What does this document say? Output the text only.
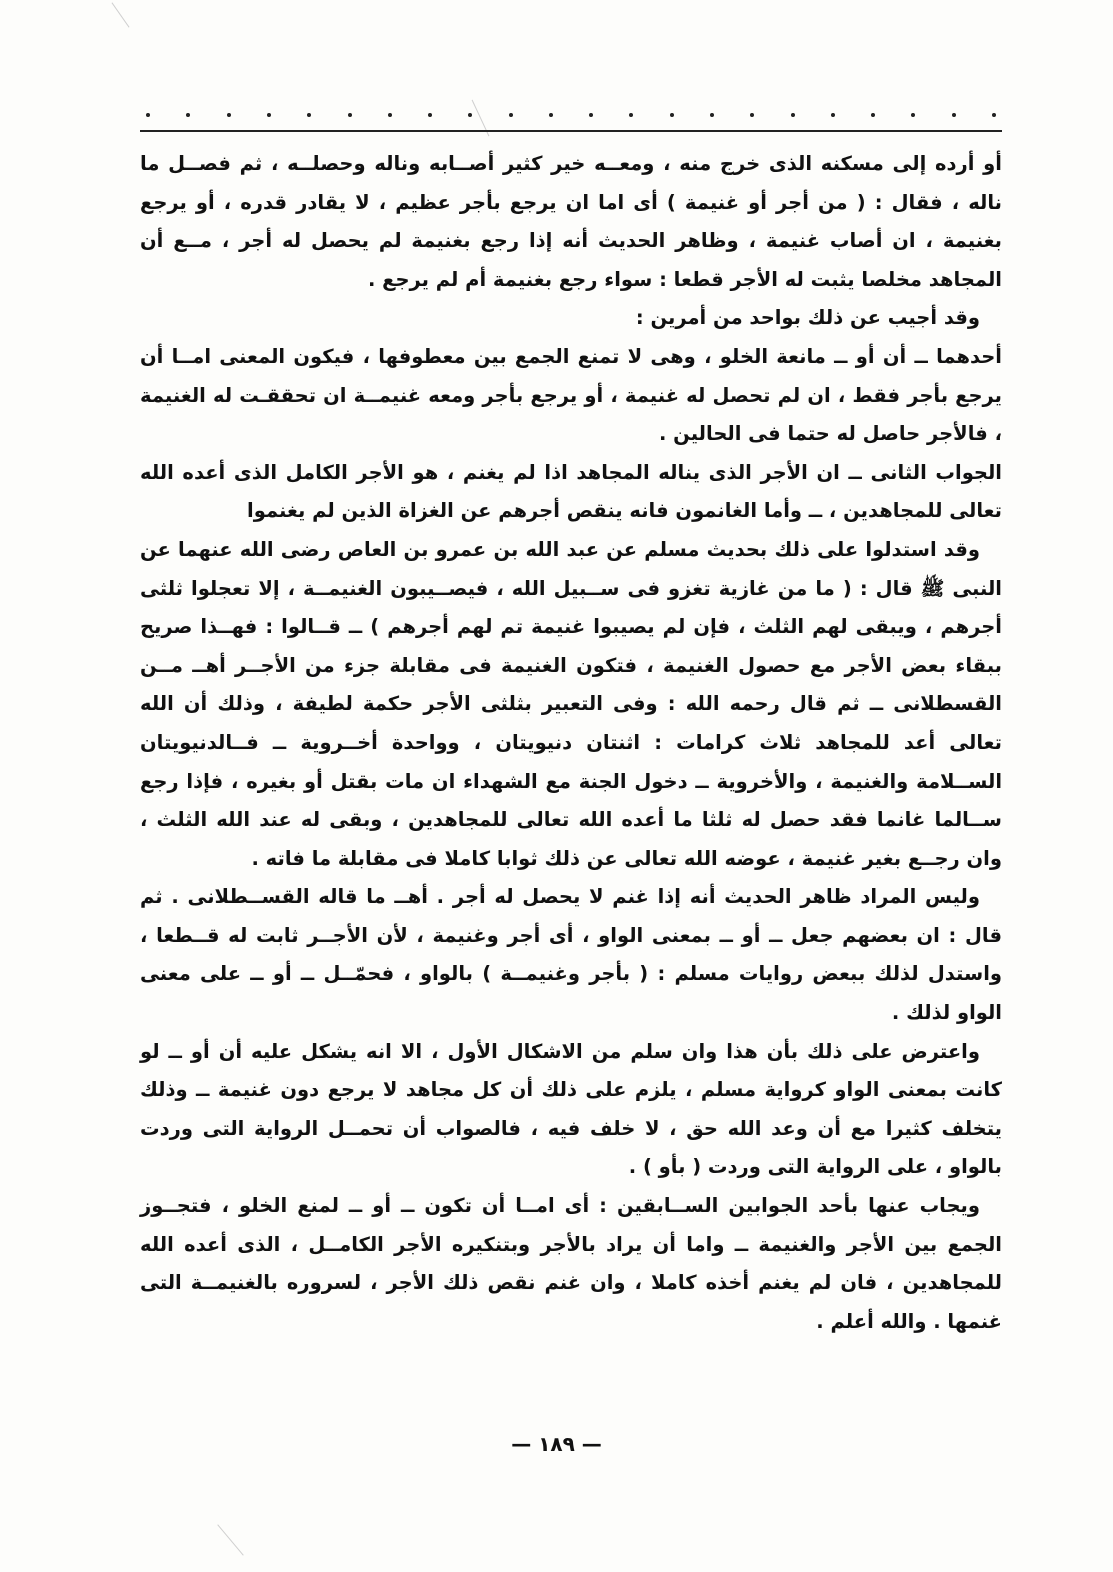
أو أرده إلى مسكنه الذى خرج منه ، ومعــه خير كثير أصــابه وناله وحصلــه ، ثم فصــل ما ناله ، فقال : ( من أجر أو غنيمة ) أى اما ان يرجع بأجر عظيم ، لا يقادر قدره ، أو يرجع بغنيمة ، ان أصاب غنيمة ، وظاهر الحديث أنه إذا رجع بغنيمة لم يحصل له أجر ، مــع أن المجاهد مخلصا يثبت له الأجر قطعا : سواء رجع بغنيمة أم لم يرجع .

وقد أجيب عن ذلك بواحد من أمرين :

أحدهما ــ أن أو ــ مانعة الخلو ، وهى لا تمنع الجمع بين معطوفها ، فيكون المعنى امــا أن يرجع بأجر فقط ، ان لم تحصل له غنيمة ، أو يرجع بأجر ومعه غنيمــة ان تحققـت له الغنيمة ، فالأجر حاصل له حتما فى الحالين .

الجواب الثانى ــ ان الأجر الذى يناله المجاهد اذا لم يغنم ، هو الأجر الكامل الذى أعده الله تعالى للمجاهدين ، ــ وأما الغانمون فانه ينقص أجرهم عن الغزاة الذين لم يغنموا

وقد استدلوا على ذلك بحديث مسلم عن عبد الله بن عمرو بن العاص رضى الله عنهما عن النبى ﷺ قال : ( ما من غازية تغزو فى ســبيل الله ، فيصــيبون الغنيمــة ، إلا تعجلوا ثلثى أجرهم ، ويبقى لهم الثلث ، فإن لم يصيبوا غنيمة تم لهم أجرهم ) ــ قــالوا : فهــذا صريح ببقاء بعض الأجر مع حصول الغنيمة ، فتكون الغنيمة فى مقابلة جزء من الأجــر أهــ مــن القسطلانى ــ ثم قال رحمه الله : وفى التعبير بثلثى الأجر حكمة لطيفة ، وذلك أن الله تعالى أعد للمجاهد ثلاث كرامات : اثنتان دنيويتان ، وواحدة أخــروية ــ فــالدنيويتان الســلامة والغنيمة ، والأخروية ــ دخول الجنة مع الشهداء ان مات بقتل أو بغيره ، فإذا رجع ســالما غانما فقد حصل له ثلثا ما أعده الله تعالى للمجاهدين ، وبقى له عند الله الثلث ، وان رجــع بغير غنيمة ، عوضه الله تعالى عن ذلك ثوابا كاملا فى مقابلة ما فاته .

وليس المراد ظاهر الحديث أنه إذا غنم لا يحصل له أجر . أهــ ما قاله القســطلانى . ثم قال : ان بعضهم جعل ــ أو ــ بمعنى الواو ، أى أجر وغنيمة ، لأن الأجــر ثابت له قــطعا ، واستدل لذلك ببعض روايات مسلم : ( بأجر وغنيمــة ) بالواو ، فحمّــل ــ أو ــ على معنى الواو لذلك .

واعترض على ذلك بأن هذا وان سلم من الاشكال الأول ، الا انه يشكل عليه أن أو ــ لو كانت بمعنى الواو كرواية مسلم ، يلزم على ذلك أن كل مجاهد لا يرجع دون غنيمة ــ وذلك يتخلف كثيرا مع أن وعد الله حق ، لا خلف فيه ، فالصواب أن تحمــل الرواية التى وردت بالواو ، على الرواية التى وردت ( بأو ) .

ويجاب عنها بأحد الجوابين الســابقين : أى امــا أن تكون ــ أو ــ لمنع الخلو ، فتجــوز الجمع بين الأجر والغنيمة ــ واما أن يراد بالأجر وبتنكيره الأجر الكامــل ، الذى أعده الله للمجاهدين ، فان لم يغنم أخذه كاملا ، وان غنم نقص ذلك الأجر ، لسروره بالغنيمــة التى غنمها . والله أعلم .

— ١٨٩ —
